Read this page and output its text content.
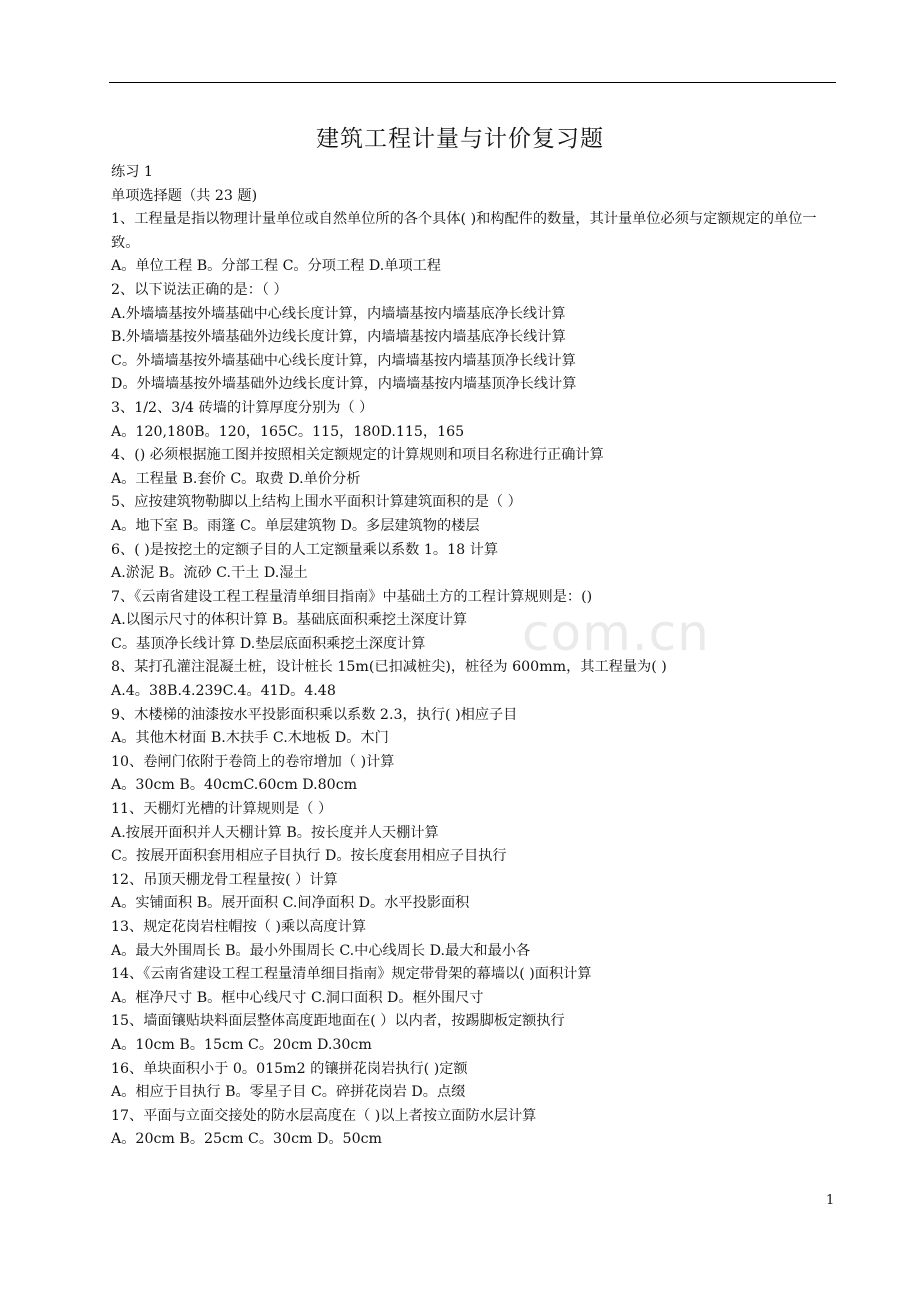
建筑工程计量与计价复习题
练习 1
单项选择题（共 23 题)
1、工程量是指以物理计量单位或自然单位所的各个具体( )和构配件的数量，其计量单位必须与定额规定的单位一致。
A。单位工程 B。分部工程 C。分项工程 D.单项工程
2、以下说法正确的是：（ ）
A.外墙墙基按外墙基础中心线长度计算，内墙墙基按内墙基底净长线计算
B.外墙墙基按外墙基础外边线长度计算，内墙墙基按内墙基底净长线计算
C。外墙墙基按外墙基础中心线长度计算，内墙墙基按内墙基顶净长线计算
D。外墙墙基按外墙基础外边线长度计算，内墙墙基按内墙基顶净长线计算
3、1/2、3/4 砖墙的计算厚度分别为（ ）
A。120,180B。120，165C。115，180D.115，165
4、() 必须根据施工图并按照相关定额规定的计算规则和项目名称进行正确计算
A。工程量 B.套价 C。取费 D.单价分析
5、应按建筑物勒脚以上结构上围水平面积计算建筑面积的是（ ）
A。地下室 B。雨篷 C。单层建筑物 D。多层建筑物的楼层
6、( )是按挖土的定额子目的人工定额量乘以系数 1。18 计算
A.淤泥 B。流砂 C.干土 D.湿土
7、《云南省建设工程工程量清单细目指南》中基础土方的工程计算规则是：()
A.以图示尺寸的体积计算 B。基础底面积乘挖土深度计算
C。基顶净长线计算 D.垫层底面积乘挖土深度计算
8、某打孔灌注混凝土桩，设计桩长 15m(已扣减桩尖)，桩径为 600mm，其工程量为( )
A.4。38B.4.239C.4。41D。4.48
9、木楼梯的油漆按水平投影面积乘以系数 2.3，执行( )相应子目
A。其他木材面 B.木扶手 C.木地板 D。木门
10、卷闸门依附于卷筒上的卷帘增加（ )计算
A。30cm B。40cmC.60cm D.80cm
11、天棚灯光槽的计算规则是（ ）
A.按展开面积并人天棚计算 B。按长度并人天棚计算
C。按展开面积套用相应子目执行 D。按长度套用相应子目执行
12、吊顶天棚龙骨工程量按( ）计算
A。实铺面积 B。展开面积 C.间净面积 D。水平投影面积
13、规定花岗岩柱帽按（ )乘以高度计算
A。最大外围周长 B。最小外围周长 C.中心线周长 D.最大和最小各
14、《云南省建设工程工程量清单细目指南》规定带骨架的幕墙以( )面积计算
A。框净尺寸 B。框中心线尺寸 C.洞口面积 D。框外围尺寸
15、墙面镶贴块料面层整体高度距地面在( ）以内者，按踢脚板定额执行
A。10cm B。15cm C。20cm D.30cm
16、单块面积小于 0。015m2 的镶拼花岗岩执行( )定额
A。相应于目执行 B。零星子目 C。碎拼花岗岩 D。点缀
17、平面与立面交接处的防水层高度在（ )以上者按立面防水层计算
A。20cm B。25cm C。30cm D。50cm
com.cn
1
